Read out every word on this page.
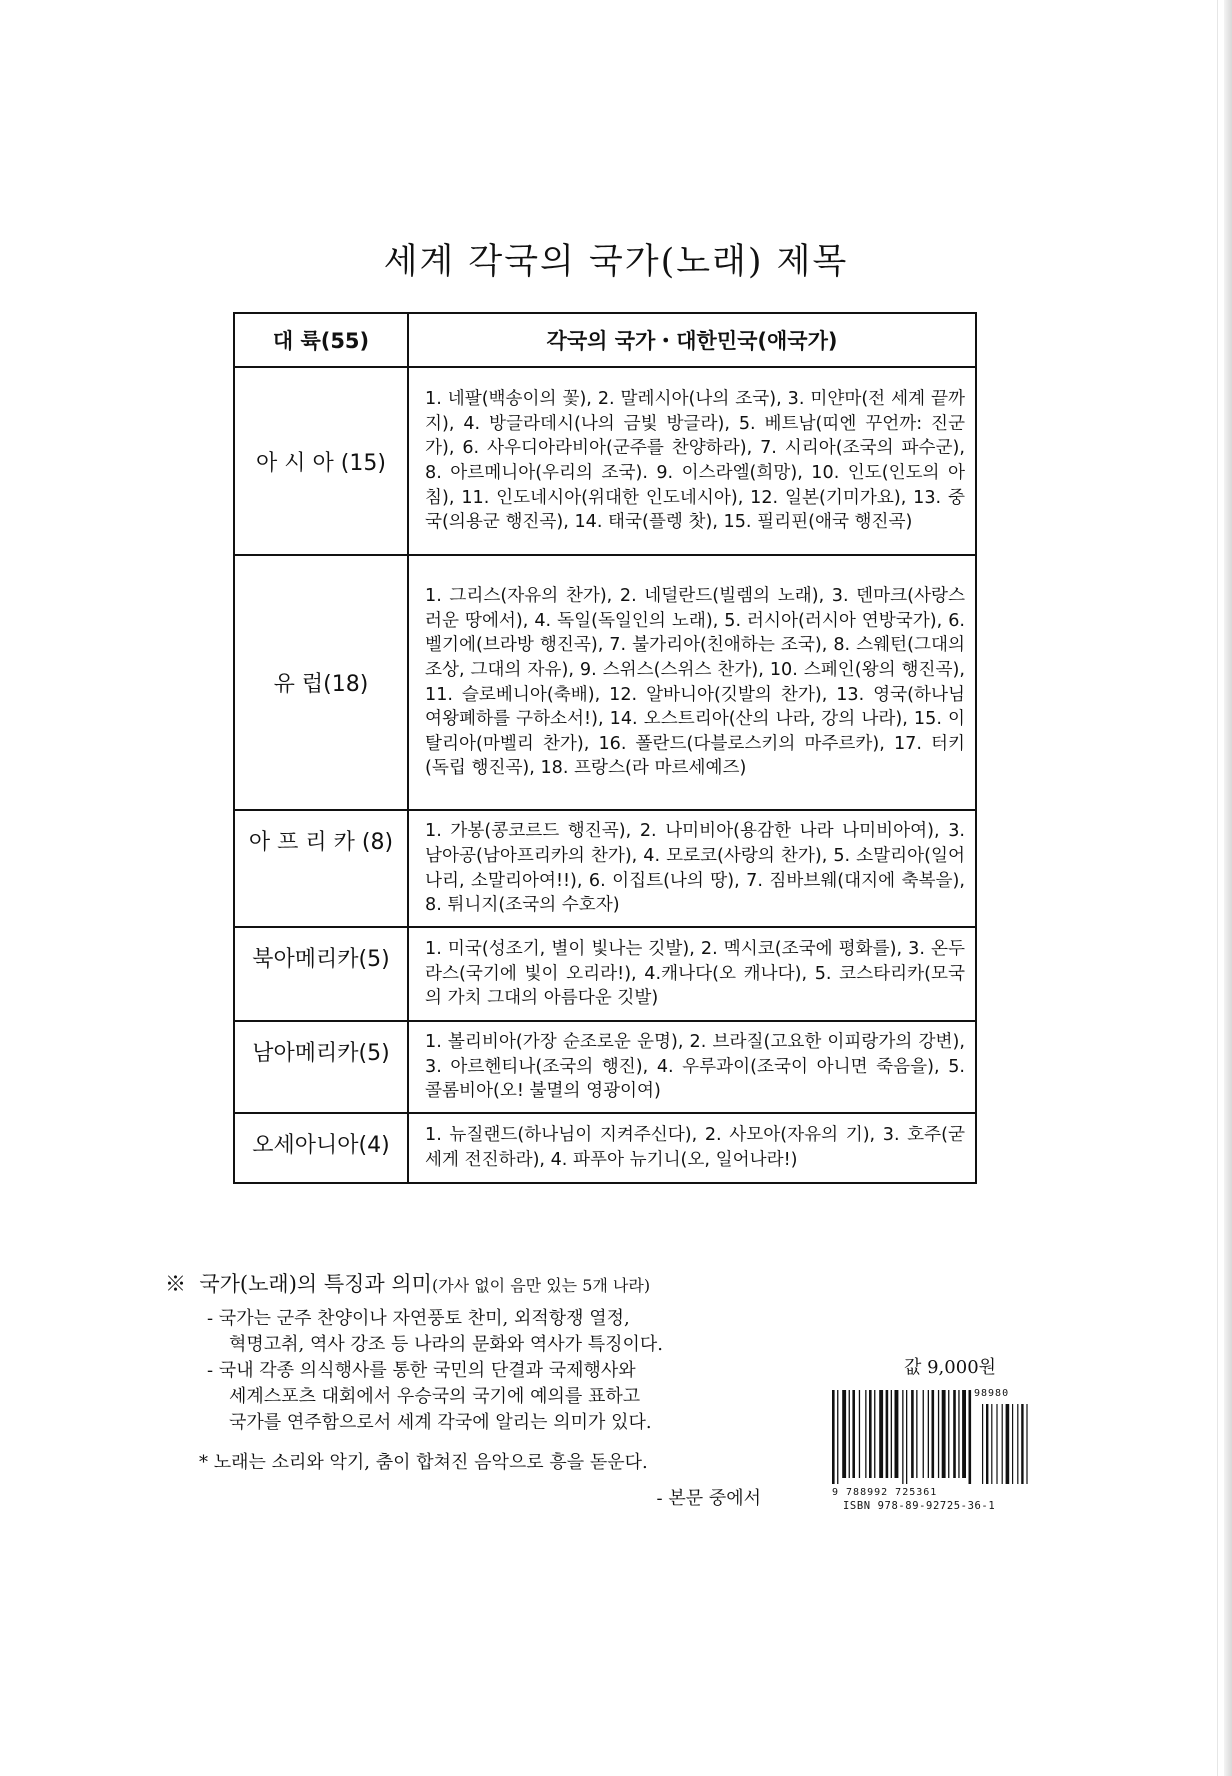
세계 각국의 국가(노래) 제목
대 륙(55)	각국의 국가・대한민국(애국가)
아 시 아 (15)	1. 네팔(백송이의 꽃), 2. 말레시아(나의 조국), 3. 미얀마(전 세계 끝까지), 4. 방글라데시(나의 금빛 방글라), 5. 베트남(띠엔 꾸언까: 진군가), 6. 사우디아라비아(군주를 찬양하라), 7. 시리아(조국의 파수군), 8. 아르메니아(우리의 조국). 9. 이스라엘(희망), 10. 인도(인도의 아침), 11. 인도네시아(위대한 인도네시아), 12. 일본(기미가요), 13. 중국(의용군 행진곡), 14. 태국(플렝 찻), 15. 필리핀(애국 행진곡)
유 럽(18)	1. 그리스(자유의 찬가), 2. 네덜란드(빌렘의 노래), 3. 덴마크(사랑스러운 땅에서), 4. 독일(독일인의 노래), 5. 러시아(러시아 연방국가), 6. 벨기에(브라방 행진곡), 7. 불가리아(친애하는 조국), 8. 스웨턴(그대의 조상, 그대의 자유), 9. 스위스(스위스 찬가), 10. 스페인(왕의 행진곡), 11. 슬로베니아(축배), 12. 알바니아(깃발의 찬가), 13. 영국(하나님 여왕폐하를 구하소서!), 14. 오스트리아(산의 나라, 강의 나라), 15. 이탈리아(마벨리 찬가), 16. 폴란드(다블로스키의 마주르카), 17. 터키(독립 행진곡), 18. 프랑스(라 마르세예즈)
아 프 리 카 (8)	1. 가봉(콩코르드 행진곡), 2. 나미비아(용감한 나라 나미비아여), 3. 남아공(남아프리카의 찬가), 4. 모로코(사랑의 찬가), 5. 소말리아(일어나리, 소말리아여!!), 6. 이집트(나의 땅), 7. 짐바브웨(대지에 축복을), 8. 튀니지(조국의 수호자)
북아메리카(5)	1. 미국(성조기, 별이 빛나는 깃발), 2. 멕시코(조국에 평화를), 3. 온두라스(국기에 빛이 오리라!), 4.캐나다(오 캐나다), 5. 코스타리카(모국의 가치 그대의 아름다운 깃발)
남아메리카(5)	1. 볼리비아(가장 순조로운 운명), 2. 브라질(고요한 이피랑가의 강변), 3. 아르헨티나(조국의 행진), 4. 우루과이(조국이 아니면 죽음을), 5. 콜롬비아(오! 불멸의 영광이여)
오세아니아(4)	1. 뉴질랜드(하나님이 지켜주신다), 2. 사모아(자유의 기), 3. 호주(굳세게 전진하라), 4. 파푸아 뉴기니(오, 일어나라!)
※ 국가(노래)의 특징과 의미(가사 없이 음만 있는 5개 나라)
- 국가는 군주 찬양이나 자연풍토 찬미, 외적항쟁 열정,
혁명고취, 역사 강조 등 나라의 문화와 역사가 특징이다.
- 국내 각종 의식행사를 통한 국민의 단결과 국제행사와
세계스포츠 대회에서 우승국의 국기에 예의를 표하고
국가를 연주함으로서 세계 각국에 알리는 의미가 있다.
* 노래는 소리와 악기, 춤이 합쳐진 음악으로 흥을 돋운다.
- 본문 중에서
값 9,000원
98980
9 788992 725361
ISBN 978-89-92725-36-1
